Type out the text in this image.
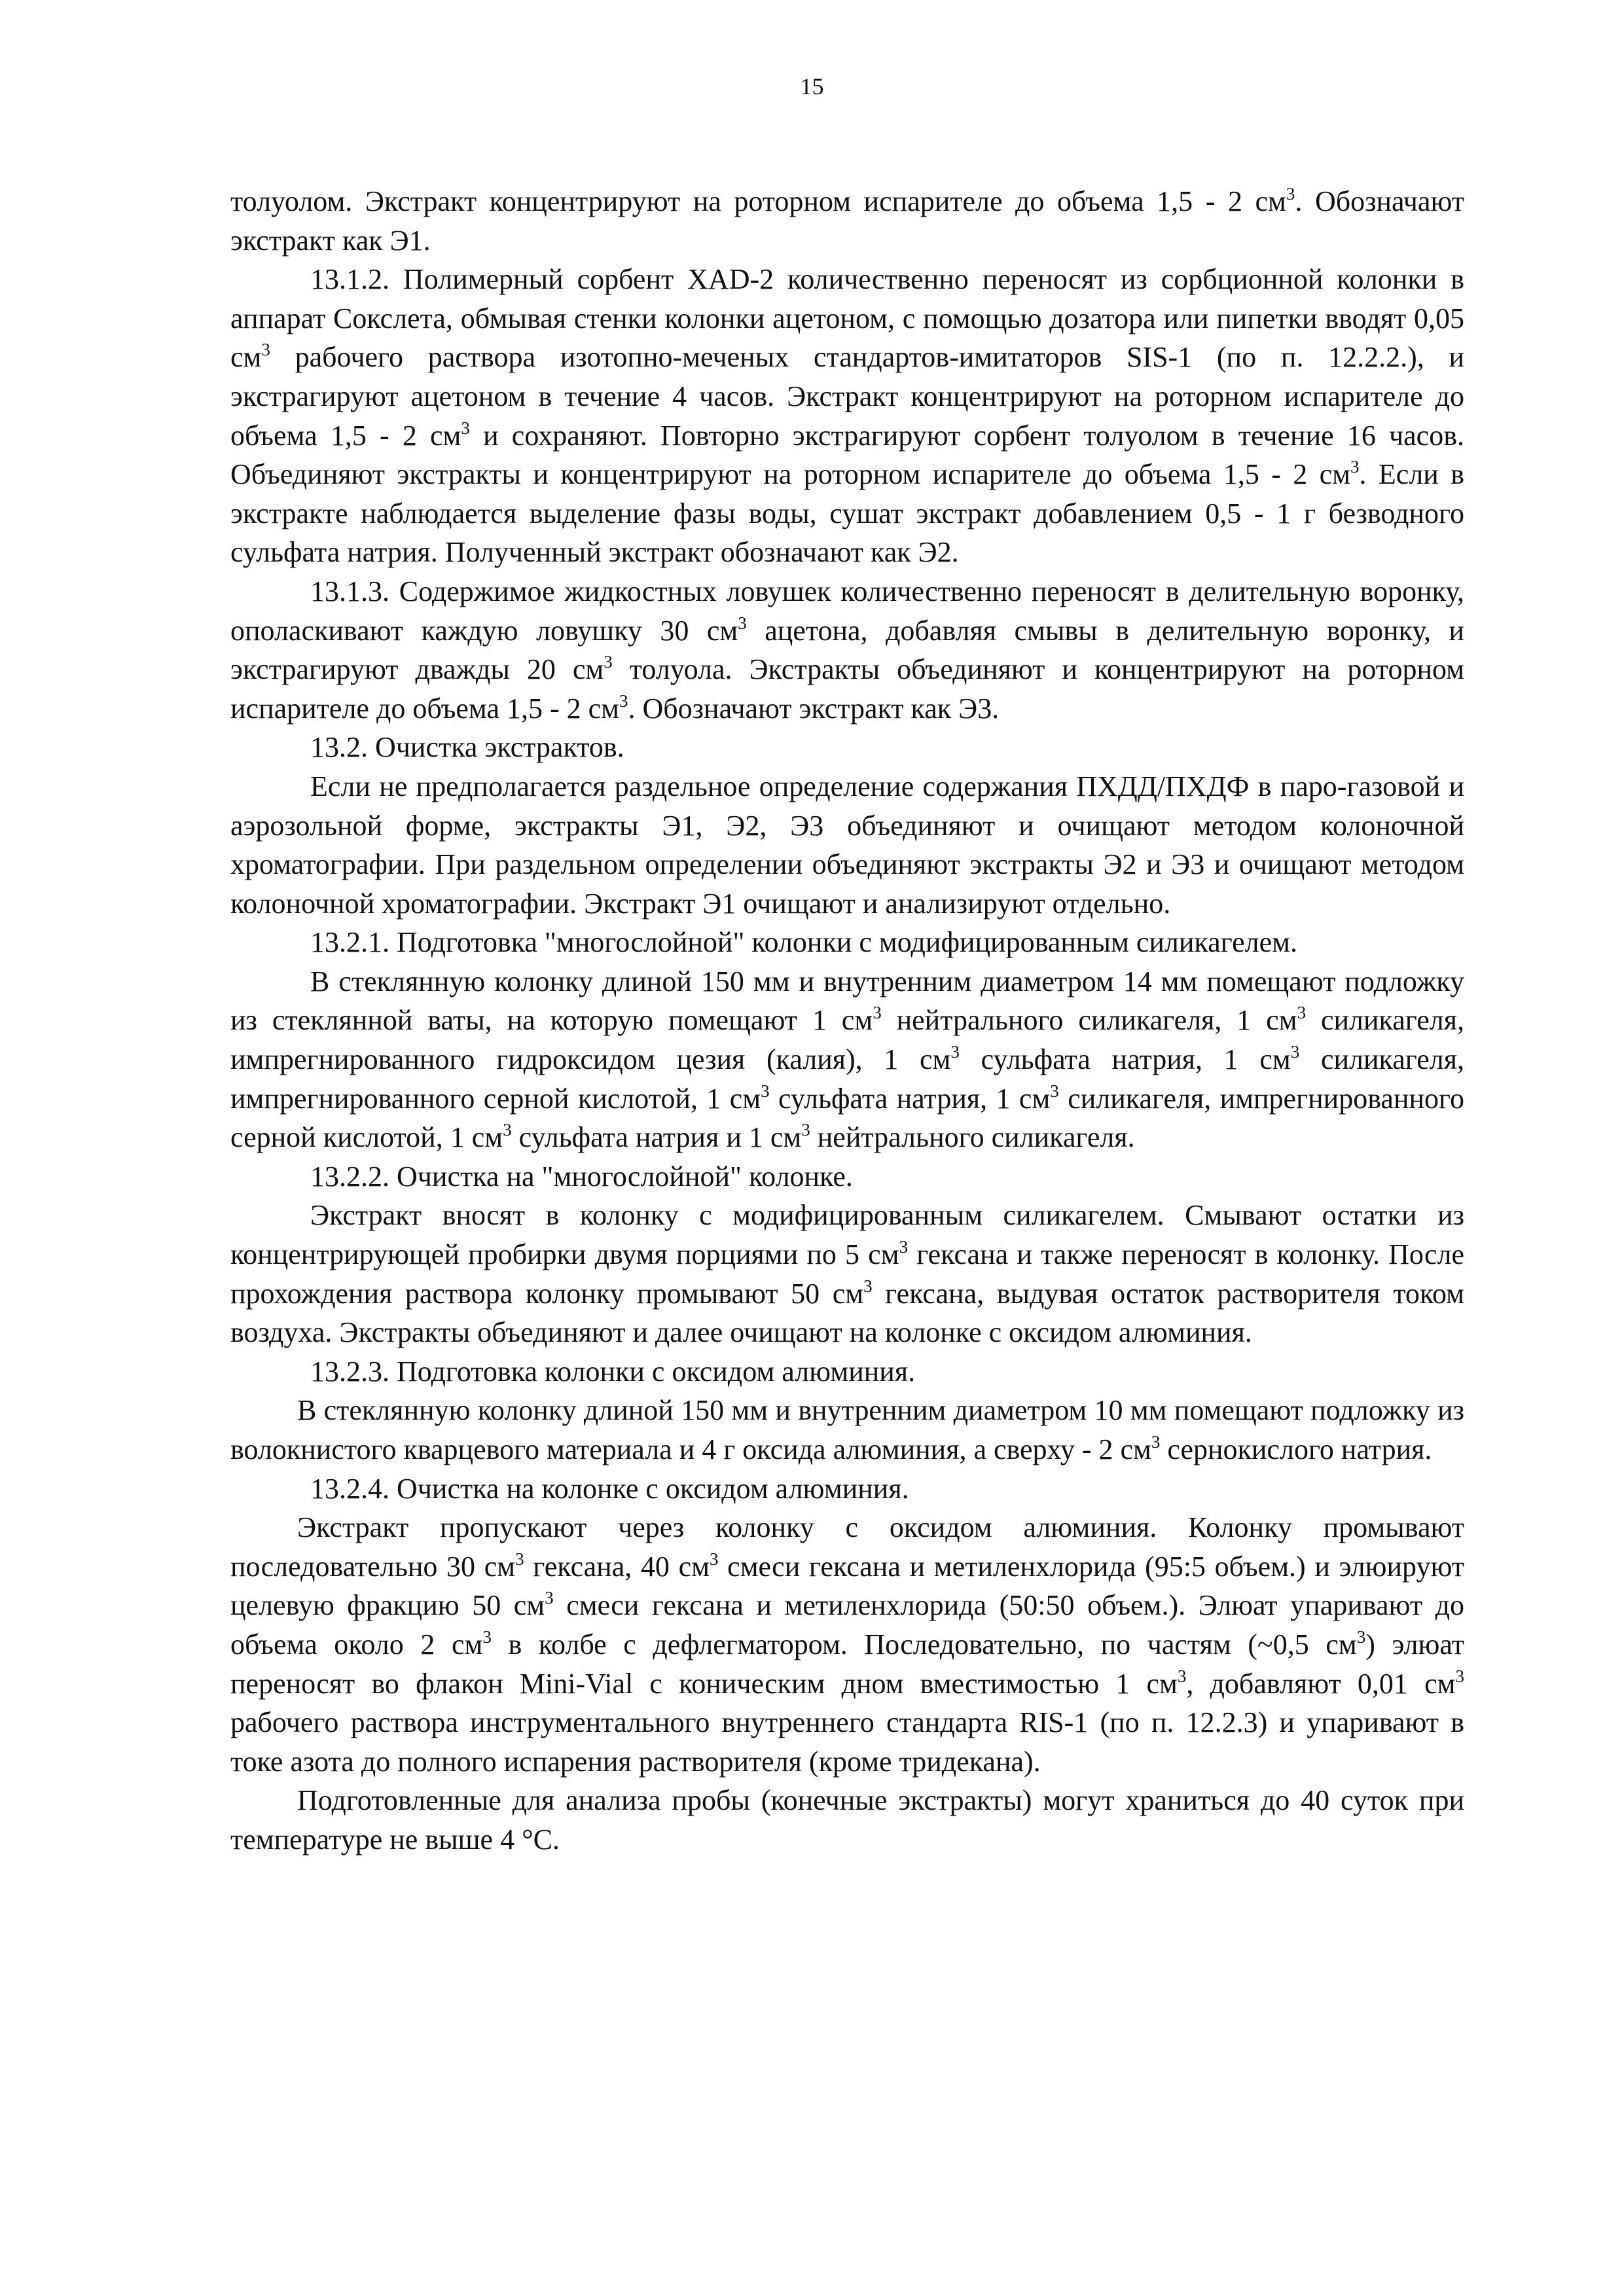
15

толуолом. Экстракт концентрируют на роторном испарителе до объема 1,5 - 2 $см^3$. Обозначают экстракт как Э1.

13.1.2. Полимерный сорбент XAD-2 количественно переносят из сорбционной колонки в аппарат Сокслета, обмывая стенки колонки ацетоном, с помощью дозатора или пипетки вводят 0,05 $см^3$ рабочего раствора изотопно-меченых стандартов-имитаторов SIS-1 (по п. 12.2.2.), и экстрагируют ацетоном в течение 4 часов. Экстракт концентрируют на роторном испарителе до объема 1,5 - 2 $см^3$ и сохраняют. Повторно экстрагируют сорбент толуолом в течение 16 часов. Объединяют экстракты и концентрируют на роторном испарителе до объема 1,5 - 2 $см^3$. Если в экстракте наблюдается выделение фазы воды, сушат экстракт добавлением 0,5 - 1 г безводного сульфата натрия. Полученный экстракт обозначают как Э2.

13.1.3. Содержимое жидкостных ловушек количественно переносят в делительную воронку, ополаскивают каждую ловушку 30 $см^3$ ацетона, добавляя смывы в делительную воронку, и экстрагируют дважды 20 $см^3$ толуола. Экстракты объединяют и концентрируют на роторном испарителе до объема 1,5 - 2 $см^3$. Обозначают экстракт как Э3.

13.2. Очистка экстрактов.

Если не предполагается раздельное определение содержания ПХДД/ПХДФ в паро-газовой и аэрозольной форме, экстракты Э1, Э2, Э3 объединяют и очищают методом колоночной хроматографии. При раздельном определении объединяют экстракты Э2 и Э3 и очищают методом колоночной хроматографии. Экстракт Э1 очищают и анализируют отдельно.

13.2.1. Подготовка "многослойной" колонки с модифицированным силикагелем.

В стеклянную колонку длиной 150 мм и внутренним диаметром 14 мм помещают подложку из стеклянной ваты, на которую помещают 1 $см^3$ нейтрального силикагеля, 1 $см^3$ силикагеля, импрегнированного гидроксидом цезия (калия), 1 $см^3$ сульфата натрия, 1 $см^3$ силикагеля, импрегнированного серной кислотой, 1 $см^3$ сульфата натрия, 1 $см^3$ силикагеля, импрегнированного серной кислотой, 1 $см^3$ сульфата натрия и 1 $см^3$ нейтрального силикагеля.

13.2.2. Очистка на "многослойной" колонке.

Экстракт вносят в колонку с модифицированным силикагелем. Смывают остатки из концентрирующей пробирки двумя порциями по 5 $см^3$ гексана и также переносят в колонку. После прохождения раствора колонку промывают 50 $см^3$ гексана, выдувая остаток растворителя током воздуха. Экстракты объединяют и далее очищают на колонке с оксидом алюминия.

13.2.3. Подготовка колонки с оксидом алюминия.

В стеклянную колонку длиной 150 мм и внутренним диаметром 10 мм помещают подложку из волокнистого кварцевого материала и 4 г оксида алюминия, а сверху - 2 $см^3$ сернокислого натрия.

13.2.4. Очистка на колонке с оксидом алюминия.

Экстракт пропускают через колонку с оксидом алюминия. Колонку промывают последовательно 30 $см^3$ гексана, 40 $см^3$ смеси гексана и метиленхлорида (95:5 объем.) и элюируют целевую фракцию 50 $см^3$ смеси гексана и метиленхлорида (50:50 объем.). Элюат упаривают до объема около 2 $см^3$ в колбе с дефлегматором. Последовательно, по частям (~0,5 $см^3$) элюат переносят во флакон Mini-Vial с коническим дном вместимостью 1 $см^3$, добавляют 0,01 $см^3$ рабочего раствора инструментального внутреннего стандарта RIS-1 (по п. 12.2.3) и упаривают в токе азота до полного испарения растворителя (кроме тридекана).

Подготовленные для анализа пробы (конечные экстракты) могут храниться до 40 суток при температуре не выше 4 °С.
